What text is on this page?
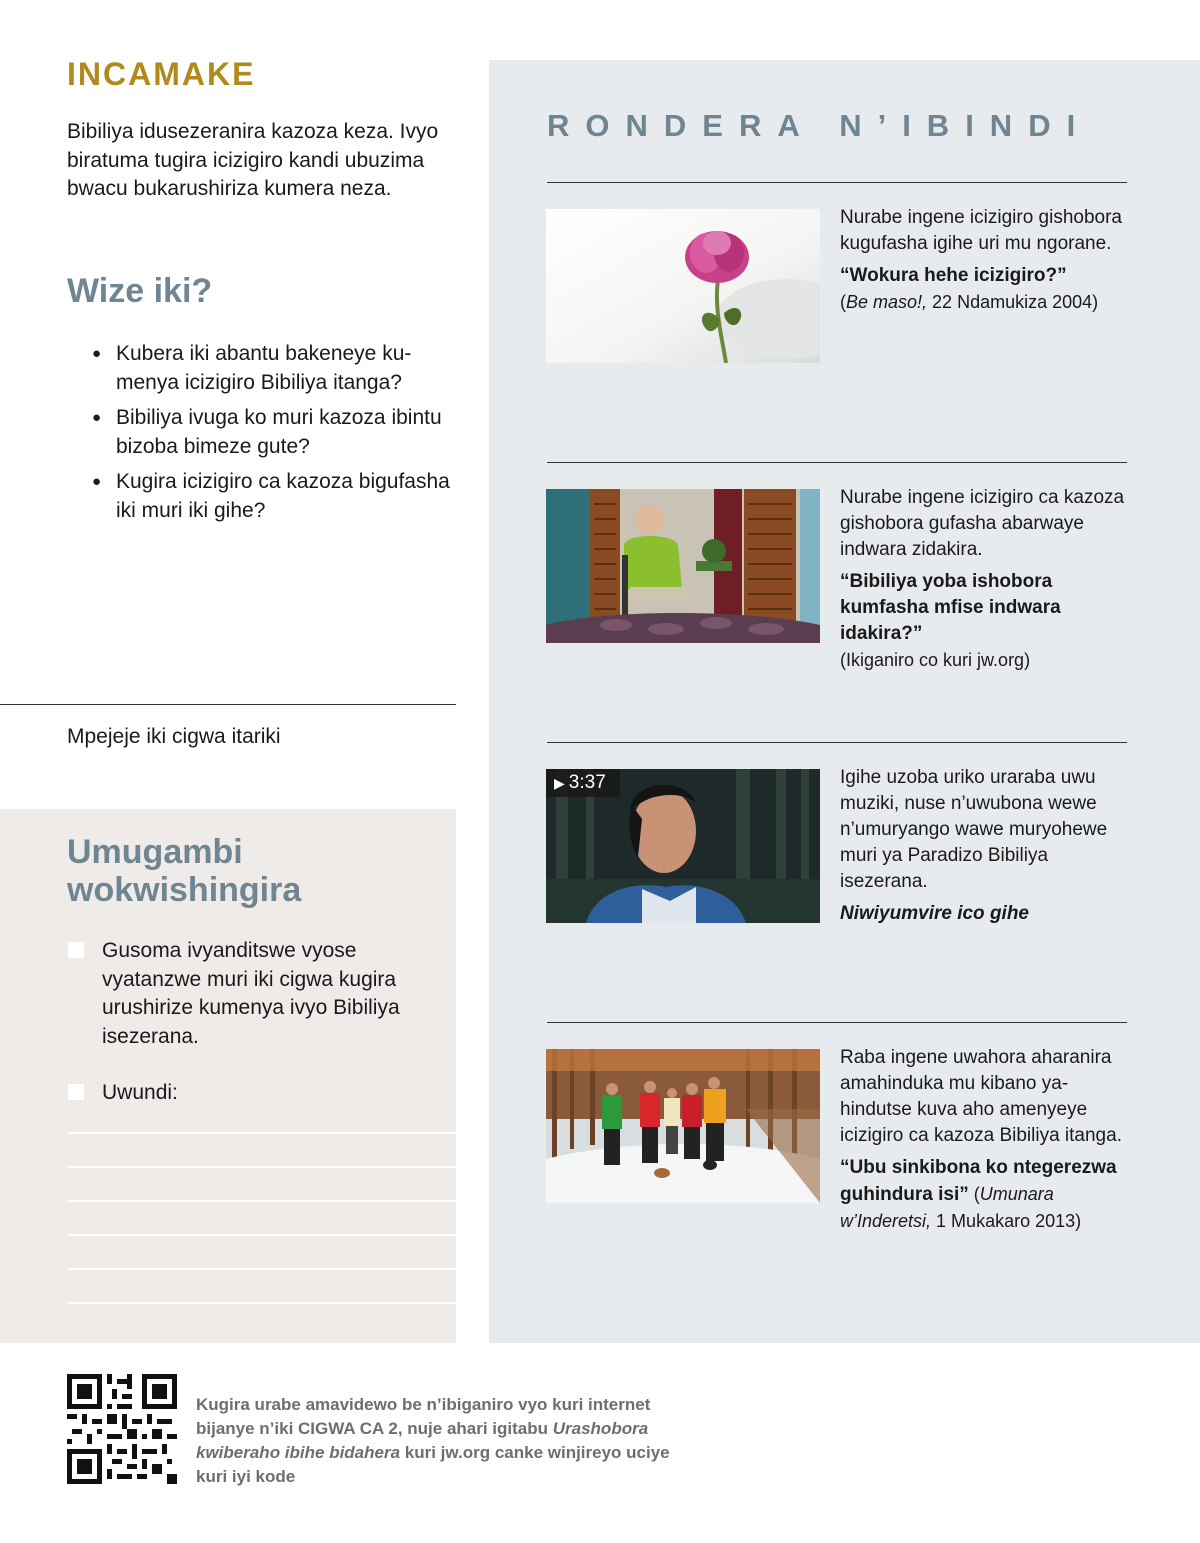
INCAMAKE
Bibiliya idusezeranira kazoza keza. Ivyo biratuma tugira icizigiro kandi ubuzima bwacu bukarushiriza kumera neza.
Wize iki?
● Kubera iki abantu bakeneye kumenya icizigiro Bibiliya itanga?
● Bibiliya ivuga ko muri kazoza ibintu bizoba bimeze gute?
● Kugira icizigiro ca kazoza bigufasha iki muri iki gihe?
Mpejeje iki cigwa itariki
Umugambi wokwishingira
Gusoma ivyanditswe vyose vyatanzwe muri iki cigwa kugira urushirize kumenya ivyo Bibiliya isezerana.
Uwundi:
RONDERA N’IBINDI
Nurabe ingene icizigiro gishobora kugufasha igihe uri mu ngorane.
“Wokura hehe icizigiro?”
(Be maso!, 22 Ndamukiza 2004)
Nurabe ingene icizigiro ca kazoza gishobora gufasha abarwaye indwara zidakira.
“Bibiliya yoba ishobora kumfasha mfise indwara idakira?”
(Ikiganiro co kuri jw.org)
▶ 3:37	Igihe uzoba uriko uraraba uwu muziki, nuse n’uwubona wewe n’umuryango wawe muryohewe muri ya Paradizo Bibiliya isezerana.
Niwiyumvire ico gihe
Raba ingene uwahora aharanira amahinduka mu kibano yahindutse kuva aho amenyeye icizigiro ca kazoza Bibiliya itanga.
“Ubu sinkibona ko ntegerezwa guhindura isi” (Umunara w’Inderetsi, 1 Mukakaro 2013)
Kugira urabe amavidewo be n’ibiganiro vyo kuri internet bijanye n’iki CIGWA CA 2, nuje ahari igitabu Urashobora kwiberaho ibihe bidahera kuri jw.org canke winjireyo uciye kuri iyi kode
